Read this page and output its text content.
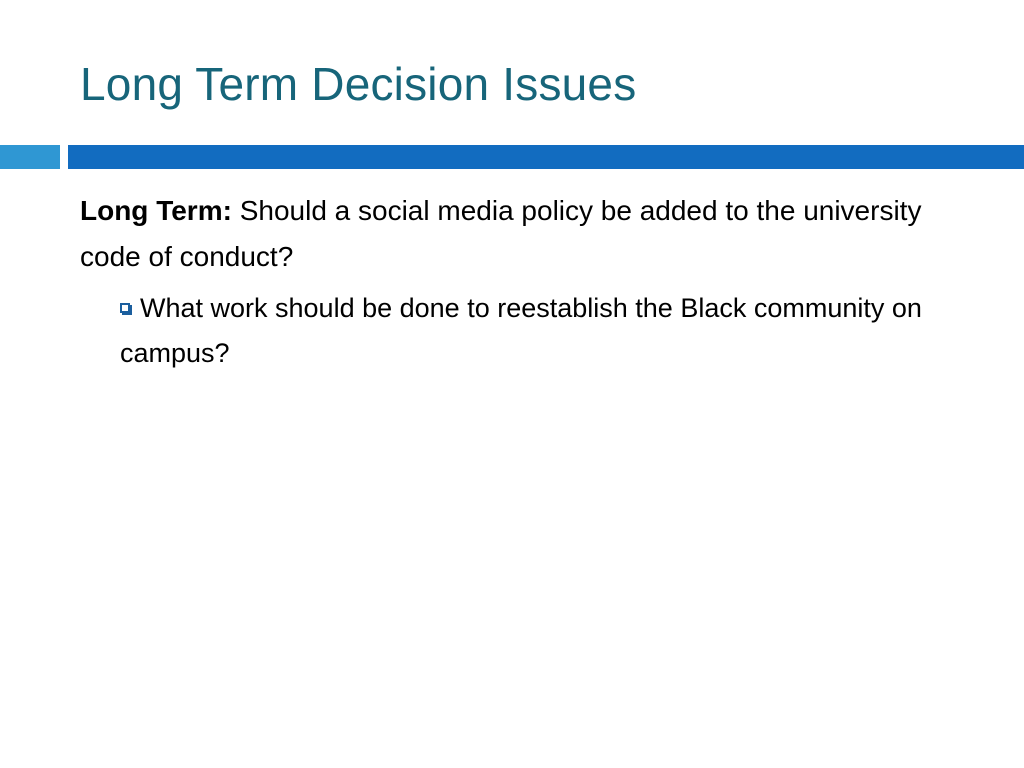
Long Term Decision Issues

Long Term: Should a social media policy be added to the university code of conduct?

What work should be done to reestablish the Black community on campus?
